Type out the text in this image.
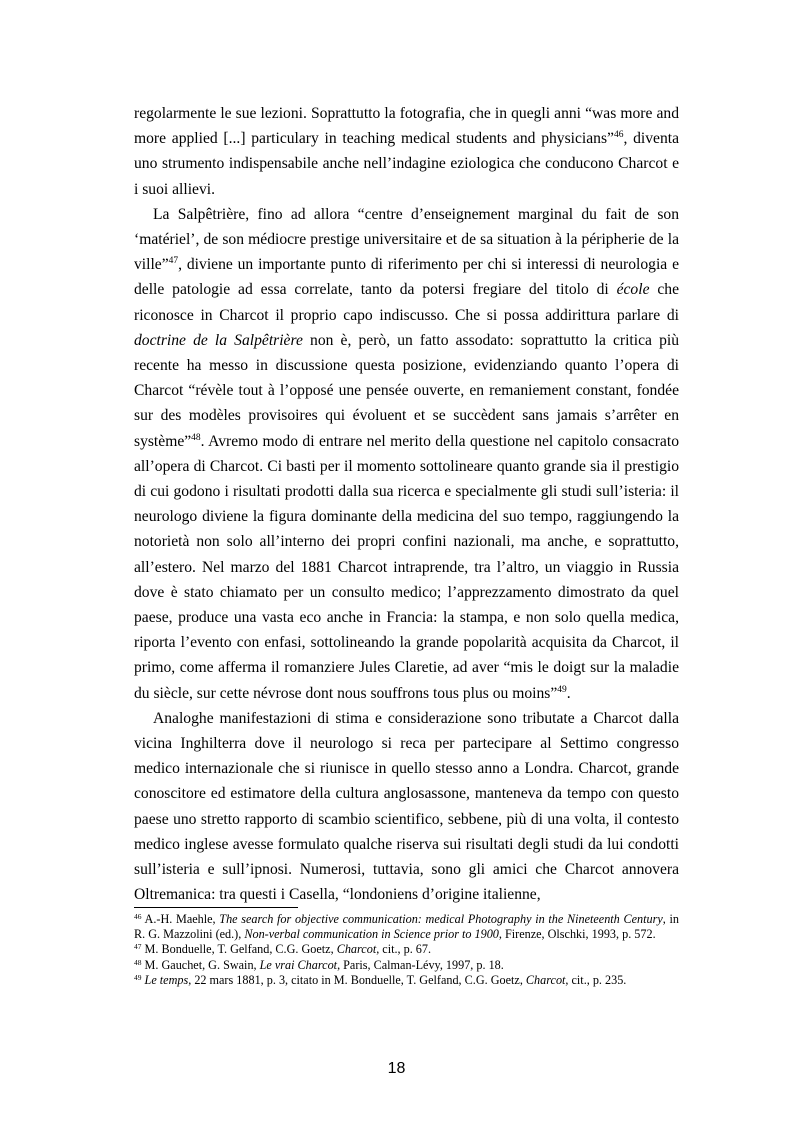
regolarmente le sue lezioni. Soprattutto la fotografia, che in quegli anni “was more and more applied [...] particulary in teaching medical students and physicians”$^{46}$, diventa uno strumento indispensabile anche nell’indagine eziologica che conducono Charcot e i suoi allievi.

La Salpêtrière, fino ad allora “centre d’enseignement marginal du fait de son ‘matériel’, de son médiocre prestige universitaire et de sa situation à la péripherie de la ville”$^{47}$, diviene un importante punto di riferimento per chi si interessi di neurologia e delle patologie ad essa correlate, tanto da potersi fregiare del titolo di école che riconosce in Charcot il proprio capo indiscusso. Che si possa addirittura parlare di doctrine de la Salpêtrière non è, però, un fatto assodato: soprattutto la critica più recente ha messo in discussione questa posizione, evidenziando quanto l’opera di Charcot “révèle tout à l’opposé une pensée ouverte, en remaniement constant, fondée sur des modèles provisoires qui évoluent et se succèdent sans jamais s’arrêter en système”$^{48}$. Avremo modo di entrare nel merito della questione nel capitolo consacrato all’opera di Charcot. Ci basti per il momento sottolineare quanto grande sia il prestigio di cui godono i risultati prodotti dalla sua ricerca e specialmente gli studi sull’isteria: il neurologo diviene la figura dominante della medicina del suo tempo, raggiungendo la notorietà non solo all’interno dei propri confini nazionali, ma anche, e soprattutto, all’estero. Nel marzo del 1881 Charcot intraprende, tra l’altro, un viaggio in Russia dove è stato chiamato per un consulto medico; l’apprezzamento dimostrato da quel paese, produce una vasta eco anche in Francia: la stampa, e non solo quella medica, riporta l’evento con enfasi, sottolineando la grande popolarità acquisita da Charcot, il primo, come afferma il romanziere Jules Claretie, ad aver “mis le doigt sur la maladie du siècle, sur cette névrose dont nous souffrons tous plus ou moins”$^{49}$.

Analoghe manifestazioni di stima e considerazione sono tributate a Charcot dalla vicina Inghilterra dove il neurologo si reca per partecipare al Settimo congresso medico internazionale che si riunisce in quello stesso anno a Londra. Charcot, grande conoscitore ed estimatore della cultura anglosassone, manteneva da tempo con questo paese uno stretto rapporto di scambio scientifico, sebbene, più di una volta, il contesto medico inglese avesse formulato qualche riserva sui risultati degli studi da lui condotti sull’isteria e sull’ipnosi. Numerosi, tuttavia, sono gli amici che Charcot annovera Oltremanica: tra questi i Casella, “londoniens d’origine italienne,

$^{46}$ A.-H. Maehle, The search for objective communication: medical Photography in the Nineteenth Century, in R. G. Mazzolini (ed.), Non-verbal communication in Science prior to 1900, Firenze, Olschki, 1993, p. 572.

$^{47}$ M. Bonduelle, T. Gelfand, C.G. Goetz, Charcot, cit., p. 67.

$^{48}$ M. Gauchet, G. Swain, Le vrai Charcot, Paris, Calman-Lévy, 1997, p. 18.

$^{49}$ Le temps, 22 mars 1881, p. 3, citato in M. Bonduelle, T. Gelfand, C.G. Goetz, Charcot, cit., p. 235.

18
